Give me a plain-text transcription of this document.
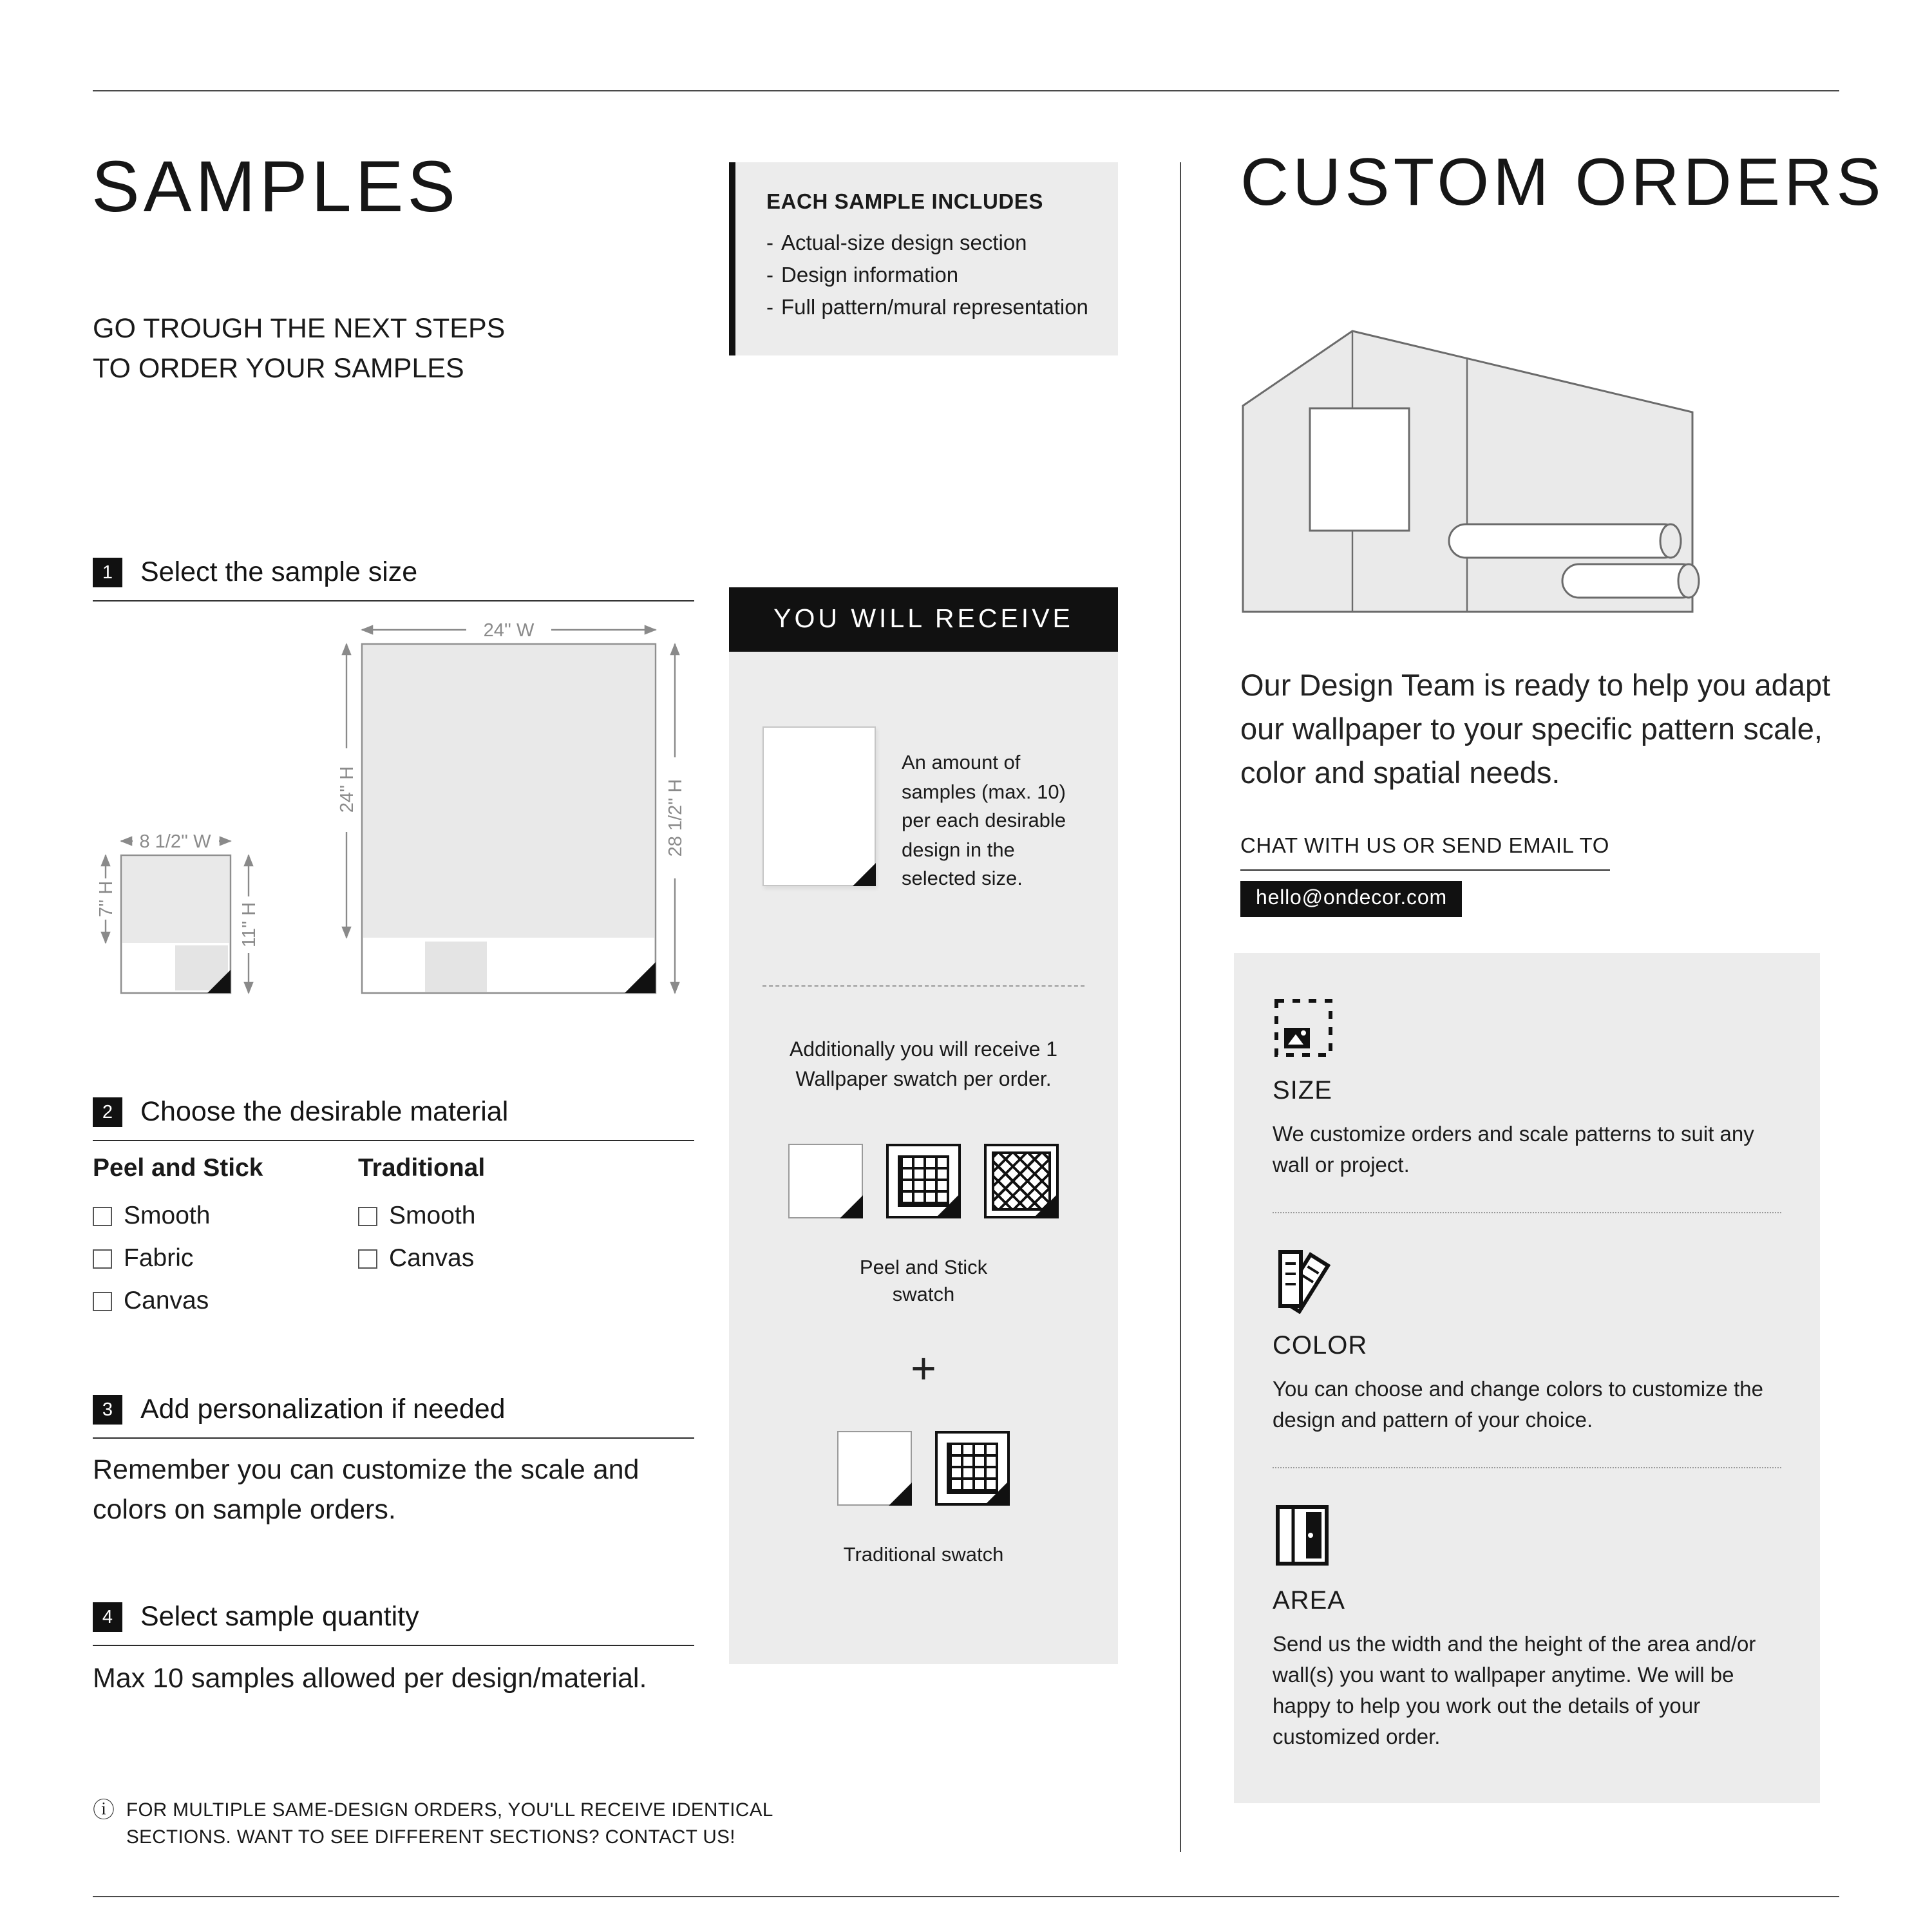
SAMPLES	EACH SAMPLE INCLUDES
- Actual-size design section
- Design information
- Full pattern/mural representation
GO TROUGH THE NEXT STEPS TO ORDER YOUR SAMPLES
1	Select the sample size
24'' W
24'' H	28 1/2'' H
8 1/2'' W
7'' H
11'' H
2	Choose the desirable material
Peel and Stick
Smooth
Fabric
Canvas
Traditional
Smooth
Canvas
3	Add personalization if needed
Remember you can customize the scale and colors on sample orders.
4	Select sample quantity
Max 10 samples allowed per design/material.
ⓘ FOR MULTIPLE SAME-DESIGN ORDERS, YOU'LL RECEIVE IDENTICAL SECTIONS. WANT TO SEE DIFFERENT SECTIONS? CONTACT US!
YOU WILL RECEIVE
An amount of samples (max. 10) per each desirable design in the selected size.
Additionally you will receive 1 Wallpaper swatch per order.
Peel and Stick swatch
+
Traditional swatch
CUSTOM ORDERS
Our Design Team is ready to help you adapt our wallpaper to your specific pattern scale, color and spatial needs.
CHAT WITH US OR SEND EMAIL TO
hello@ondecor.com
SIZE

We customize orders and scale patterns to suit any wall or project.

COLOR

You can choose and change colors to customize the design and pattern of your choice.

AREA

Send us the width and the height of the area and/or wall(s) you want to wallpaper anytime. We will be happy to help you work out the details of your customized order.
